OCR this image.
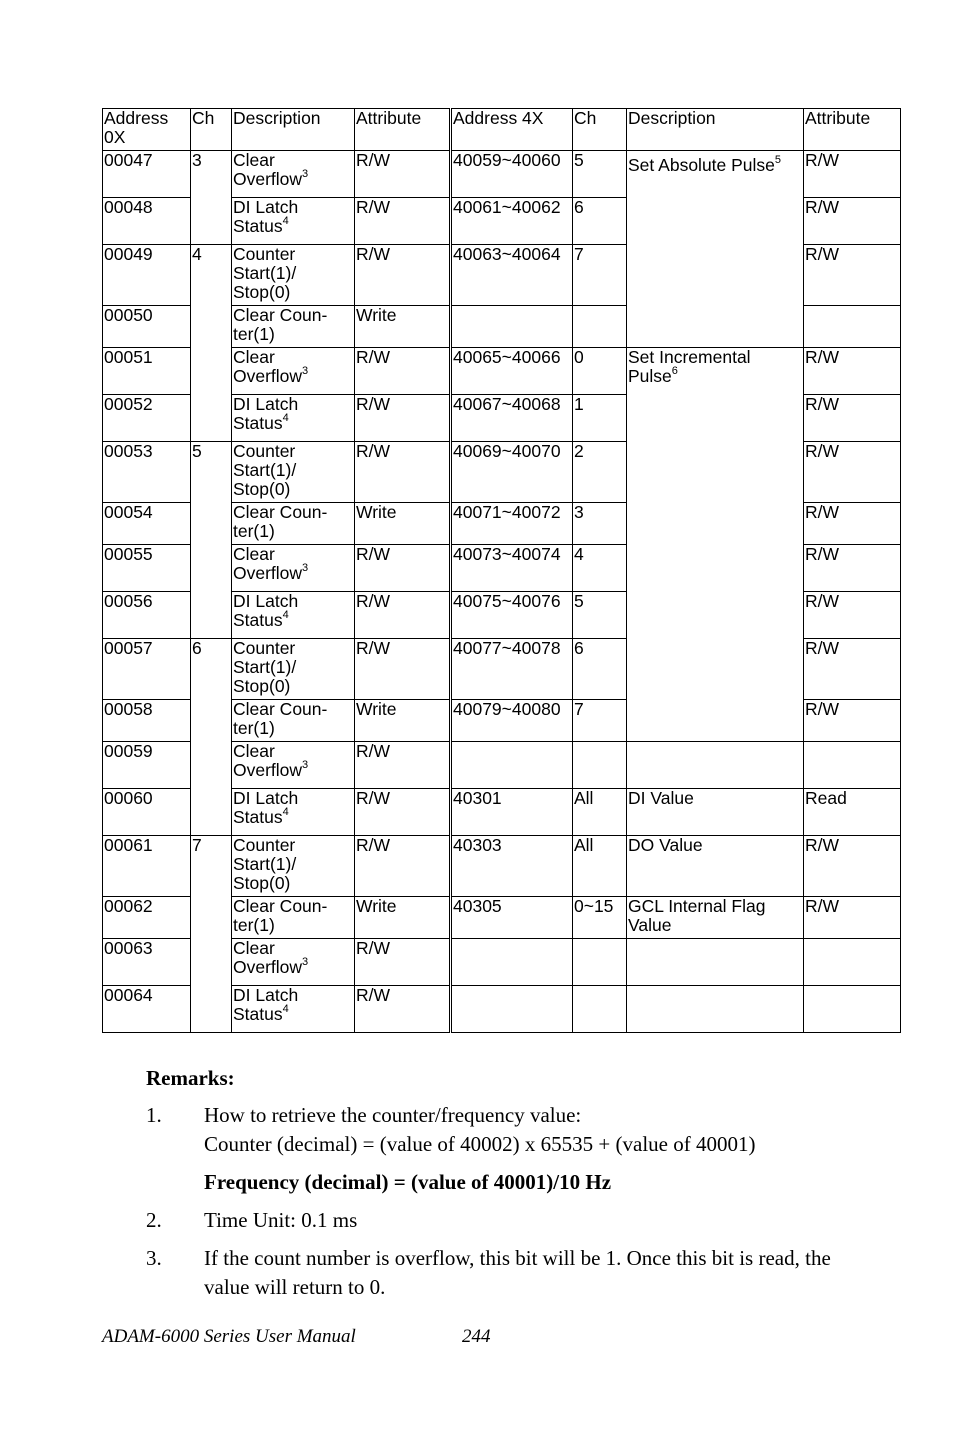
Address 0X	Ch	Description	Attribute	Address 4X	Ch	Description	Attribute
00047	3	Clear Overflow$^3$	R/W	40059~40060	5	Set Absolute Pulse$^5$	R/W
00048		DI Latch Status$^4$	R/W	40061~40062	6		R/W
00049	4	Counter Start(1)/ Stop(0)	R/W	40063~40064	7		R/W
00050		Clear Coun-ter(1)	Write				
00051		Clear Overflow$^3$	R/W	40065~40066	0	Set Incremental Pulse$^6$	R/W
00052		DI Latch Status$^4$	R/W	40067~40068	1		R/W
00053	5	Counter Start(1)/ Stop(0)	R/W	40069~40070	2		R/W
00054		Clear Coun-ter(1)	Write	40071~40072	3		R/W
00055		Clear Overflow$^3$	R/W	40073~40074	4		R/W
00056		DI Latch Status$^4$	R/W	40075~40076	5		R/W
00057	6	Counter Start(1)/ Stop(0)	R/W	40077~40078	6		R/W
00058		Clear Coun-ter(1)	Write	40079~40080	7		R/W
00059		Clear Overflow$^3$	R/W				
00060		DI Latch Status$^4$	R/W	40301	All	DI Value	Read
00061	7	Counter Start(1)/ Stop(0)	R/W	40303	All	DO Value	R/W
00062		Clear Coun-ter(1)	Write	40305	0~15	GCL Internal Flag Value	R/W
00063		Clear Overflow$^3$	R/W				
00064		DI Latch Status$^4$	R/W				
Remarks:
1. How to retrieve the counter/frequency value:
Counter (decimal) = (value of 40002) x 65535 + (value of 40001)
Frequency (decimal) = (value of 40001)/10 Hz
2. Time Unit: 0.1 ms
3. If the count number is overflow, this bit will be 1. Once this bit is read, the value will return to 0.
ADAM-6000 Series User Manual	244
